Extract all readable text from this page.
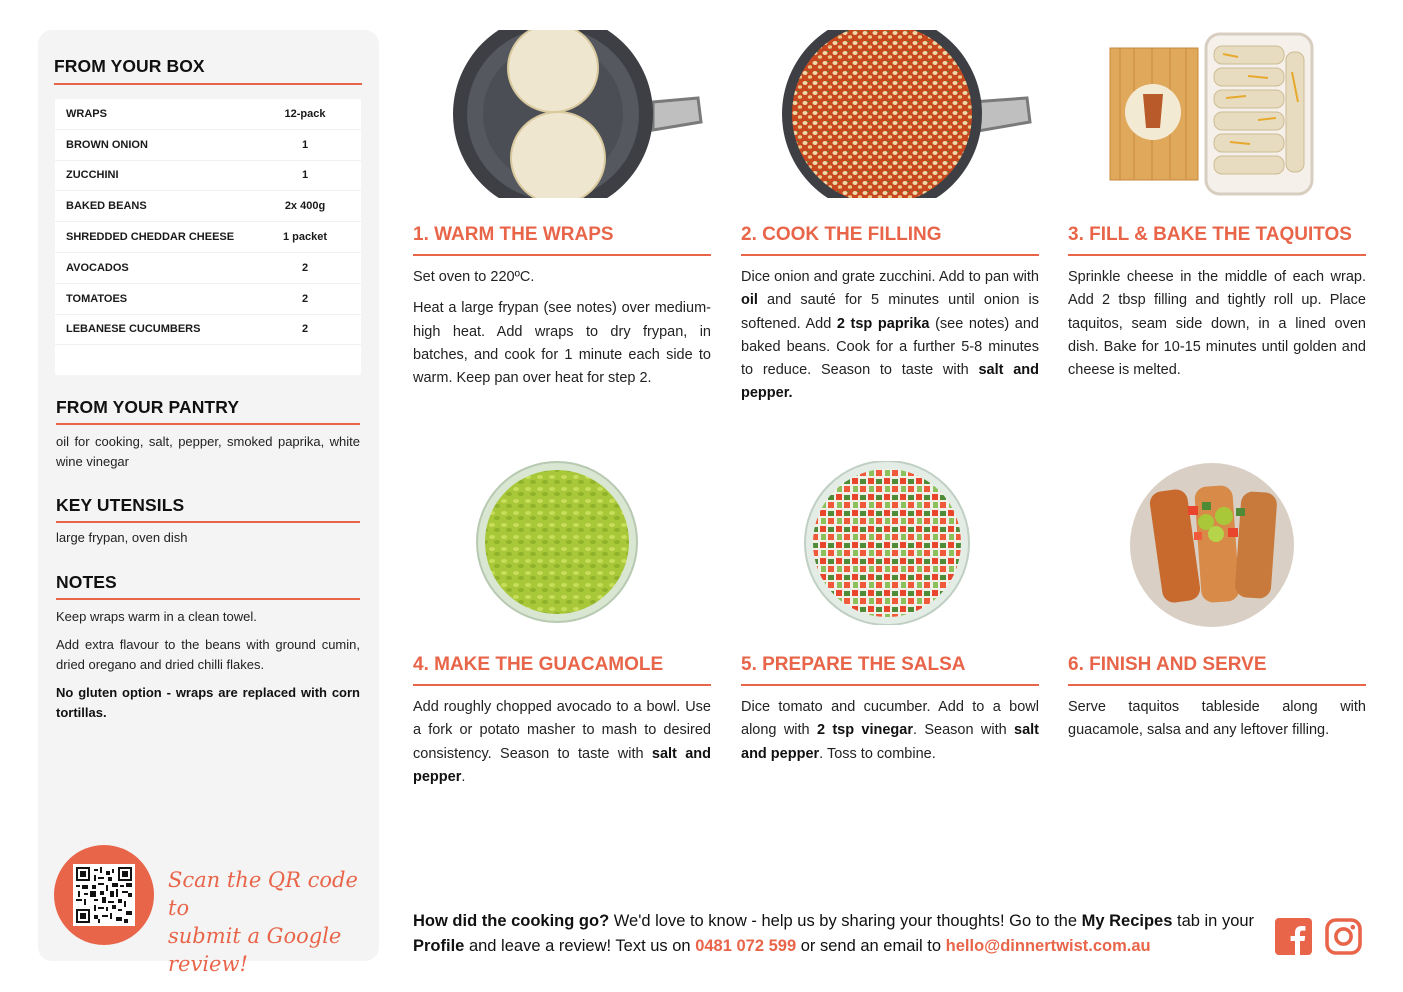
FROM YOUR BOX
WRAPS	12-pack
BROWN ONION	1
ZUCCHINI	1
BAKED BEANS	2x 400g
SHREDDED CHEDDAR CHEESE	1 packet
AVOCADOS	2
TOMATOES	2
LEBANESE CUCUMBERS	2
FROM YOUR PANTRY
oil for cooking, salt, pepper, smoked paprika, white wine vinegar
KEY UTENSILS
large frypan, oven dish
NOTES

Keep wraps warm in a clean towel.

Add extra flavour to the beans with ground cumin, dried oregano and dried chilli flakes.

No gluten option - wraps are replaced with corn tortillas.

Scan the QR code to
submit a Google review!
1. WARM THE WRAPS

Set oven to 220ºC.

Heat a large frypan (see notes) over medium-high heat. Add wraps to dry frypan, in batches, and cook for 1 minute each side to warm. Keep pan over heat for step 2.

2. COOK THE FILLING

Dice onion and grate zucchini. Add to pan with oil and sauté for 5 minutes until onion is softened. Add 2 tsp paprika (see notes) and baked beans. Cook for a further 5-8 minutes to reduce. Season to taste with salt and pepper.

3. FILL & BAKE THE TAQUITOS

Sprinkle cheese in the middle of each wrap. Add 2 tbsp filling and tightly roll up. Place taquitos, seam side down, in a lined oven dish. Bake for 10-15 minutes until golden and cheese is melted.

4. MAKE THE GUACAMOLE

Add roughly chopped avocado to a bowl. Use a fork or potato masher to mash to desired consistency. Season to taste with salt and pepper.

5. PREPARE THE SALSA

Dice tomato and cucumber. Add to a bowl along with 2 tsp vinegar. Season with salt and pepper. Toss to combine.

6. FINISH AND SERVE

Serve taquitos tableside along with guacamole, salsa and any leftover filling.

How did the cooking go? We'd love to know - help us by sharing your thoughts! Go to the My Recipes tab in your Profile and leave a review! Text us on 0481 072 599 or send an email to hello@dinnertwist.com.au
